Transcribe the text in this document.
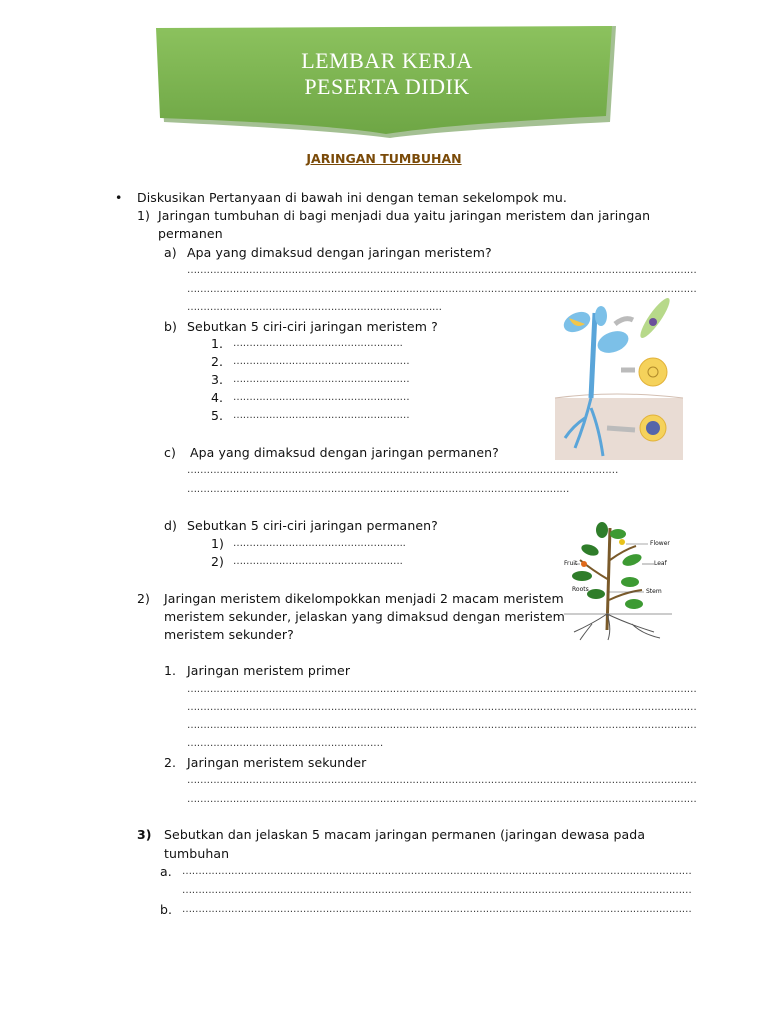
LEMBAR KERJA
PESERTA DIDIK
JARINGAN TUMBUHAN
• Diskusikan Pertanyaan di bawah ini dengan teman sekelompok mu.
1) Jaringan tumbuhan di bagi menjadi dua yaitu jaringan meristem dan jaringan
permanen
a) Apa yang dimaksud dengan jaringan meristem?
…………………………………………………………………………………………………………………………………………
…………………………………………………………………………………………………………………………………………
……………………………………………………………………
b) Sebutkan 5 ciri-ciri jaringan meristem ?
1. …………………………………………….
2. ………………………………………………
3. ………………………………………………
4. ………………………………………………
5. ………………………………………………
c) Apa yang dimaksud dengan jaringan permanen?
……………………………………………………………………………………………………………………
………………………………………………………………………………………………………
d) Sebutkan 5 ciri-ciri jaringan permanen?
1) ……………………………………………..
2) …………………………………………….
Flower
Fruit	Leaf
Roots	Stem
2) Jaringan meristem dikelompokkan menjadi 2 macam meristem
meristem sekunder, jelaskan yang dimaksud dengan meristem
meristem sekunder?
1. Jaringan meristem primer
…………………………………………………………………………………………………………………………………………
…………………………………………………………………………………………………………………………………………
…………………………………………………………………………………………………………………………………………
……………………………………………………
2. Jaringan meristem sekunder
…………………………………………………………………………………………………………………………………………
…………………………………………………………………………………………………………………………………………
3) Sebutkan dan jelaskan 5 macam jaringan permanen (jaringan dewasa pada
tumbuhan
a. …………………………………………………………………………………………………………………………………………
…………………………………………………………………………………………………………………………………………
b. …………………………………………………………………………………………………………………………………………
